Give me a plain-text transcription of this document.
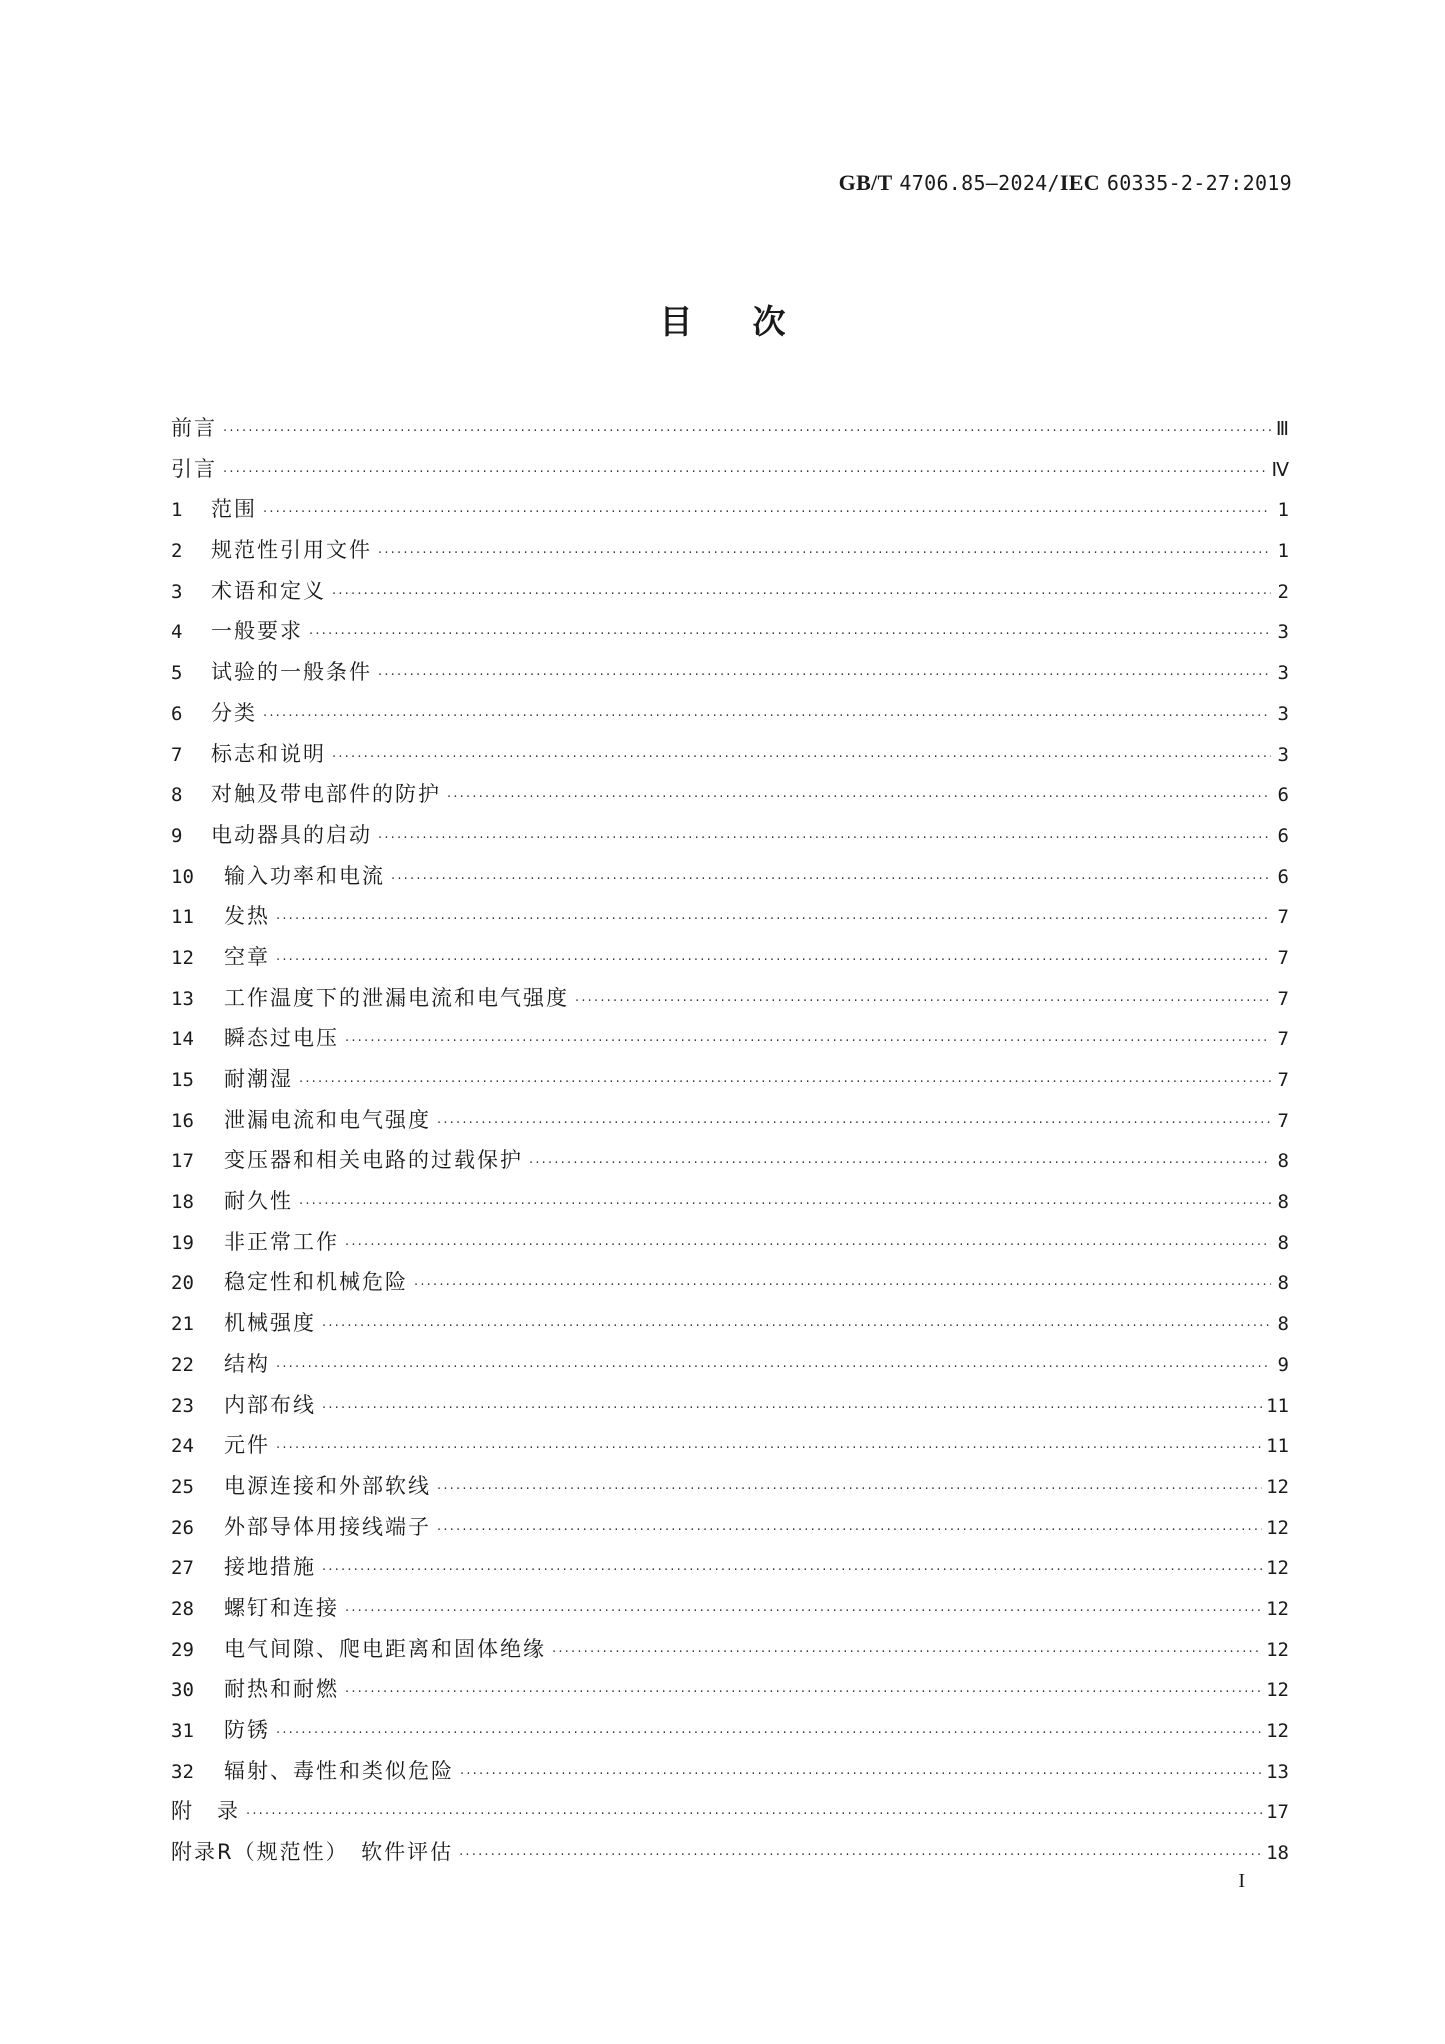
GB/T 4706.85—2024/IEC 60335-2-27:2019
目次
前言 ·····	Ⅲ
引言 ·····	Ⅳ
1	范围 ·····	1
2	规范性引用文件 ·····	1
3	术语和定义 ·····	2
4	一般要求 ·····	3
5	试验的一般条件 ·····	3
6	分类 ·····	3
7	标志和说明 ·····	3
8	对触及带电部件的防护 ·····	6
9	电动器具的启动 ·····	6
10	输入功率和电流 ·····	6
11	发热 ·····	7
12	空章 ·····	7
13	工作温度下的泄漏电流和电气强度 ·····	7
14	瞬态过电压 ·····	7
15	耐潮湿 ·····	7
16	泄漏电流和电气强度 ·····	7
17	变压器和相关电路的过载保护 ·····	8
18	耐久性 ·····	8
19	非正常工作 ·····	8
20	稳定性和机械危险 ·····	8
21	机械强度 ·····	8
22	结构 ·····	9
23	内部布线 ·····	11
24	元件 ·····	11
25	电源连接和外部软线 ·····	12
26	外部导体用接线端子 ·····	12
27	接地措施 ·····	12
28	螺钉和连接 ·····	12
29	电气间隙、爬电距离和固体绝缘 ·····	12
30	耐热和耐燃 ·····	12
31	防锈 ·····	12
32	辐射、毒性和类似危险 ·····	13
附　录 ·····	17
附录R（规范性）　软件评估 ·····	18
I
